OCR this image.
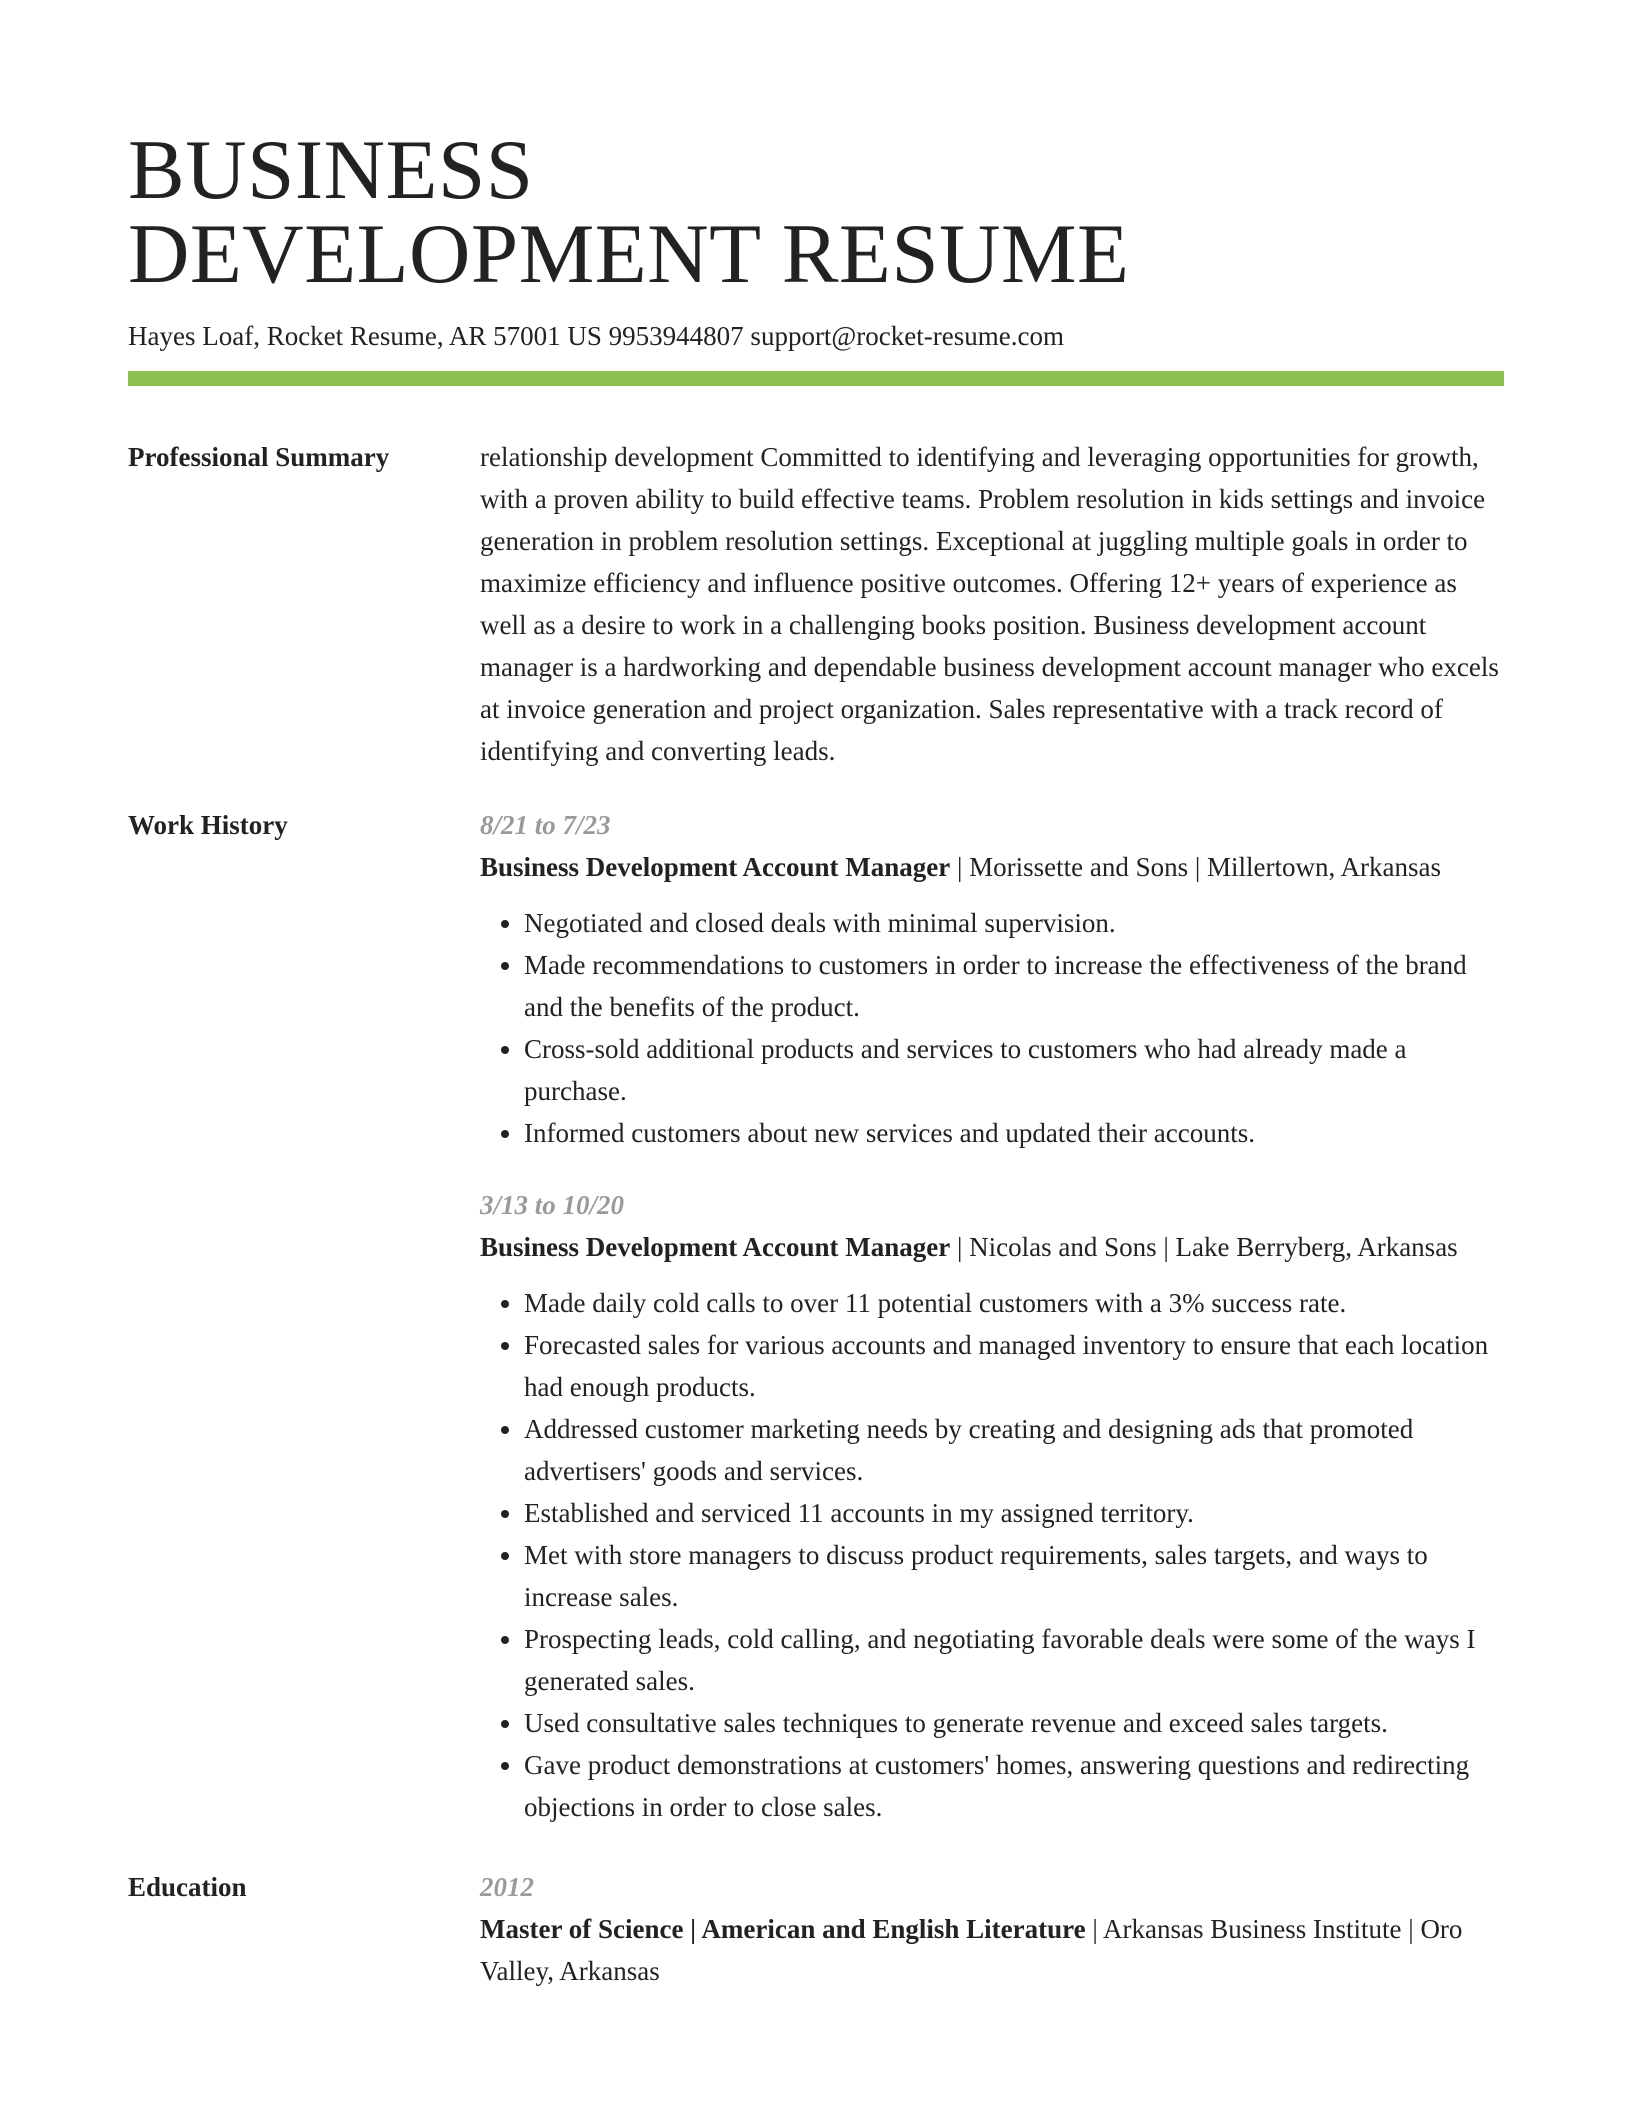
BUSINESS
DEVELOPMENT RESUME
Hayes Loaf, Rocket Resume, AR 57001 US 9953944807 support@rocket-resume.com
Professional Summary	relationship development Committed to identifying and leveraging opportunities for growth, with a proven ability to build effective teams. Problem resolution in kids settings and invoice generation in problem resolution settings. Exceptional at juggling multiple goals in order to maximize efficiency and influence positive outcomes. Offering 12+ years of experience as well as a desire to work in a challenging books position. Business development account manager is a hardworking and dependable business development account manager who excels at invoice generation and project organization. Sales representative with a track record of identifying and converting leads.

Work History	8/21 to 7/23
Business Development Account Manager | Morissette and Sons | Millertown, Arkansas
• Negotiated and closed deals with minimal supervision.
• Made recommendations to customers in order to increase the effectiveness of the brand and the benefits of the product.
• Cross-sold additional products and services to customers who had already made a purchase.
• Informed customers about new services and updated their accounts.
3/13 to 10/20
Business Development Account Manager | Nicolas and Sons | Lake Berryberg, Arkansas
• Made daily cold calls to over 11 potential customers with a 3% success rate.
• Forecasted sales for various accounts and managed inventory to ensure that each location had enough products.
• Addressed customer marketing needs by creating and designing ads that promoted advertisers' goods and services.
• Established and serviced 11 accounts in my assigned territory.
• Met with store managers to discuss product requirements, sales targets, and ways to increase sales.
• Prospecting leads, cold calling, and negotiating favorable deals were some of the ways I generated sales.
• Used consultative sales techniques to generate revenue and exceed sales targets.
• Gave product demonstrations at customers' homes, answering questions and redirecting objections in order to close sales.
Education	2012
Master of Science | American and English Literature | Arkansas Business Institute | Oro Valley, Arkansas
